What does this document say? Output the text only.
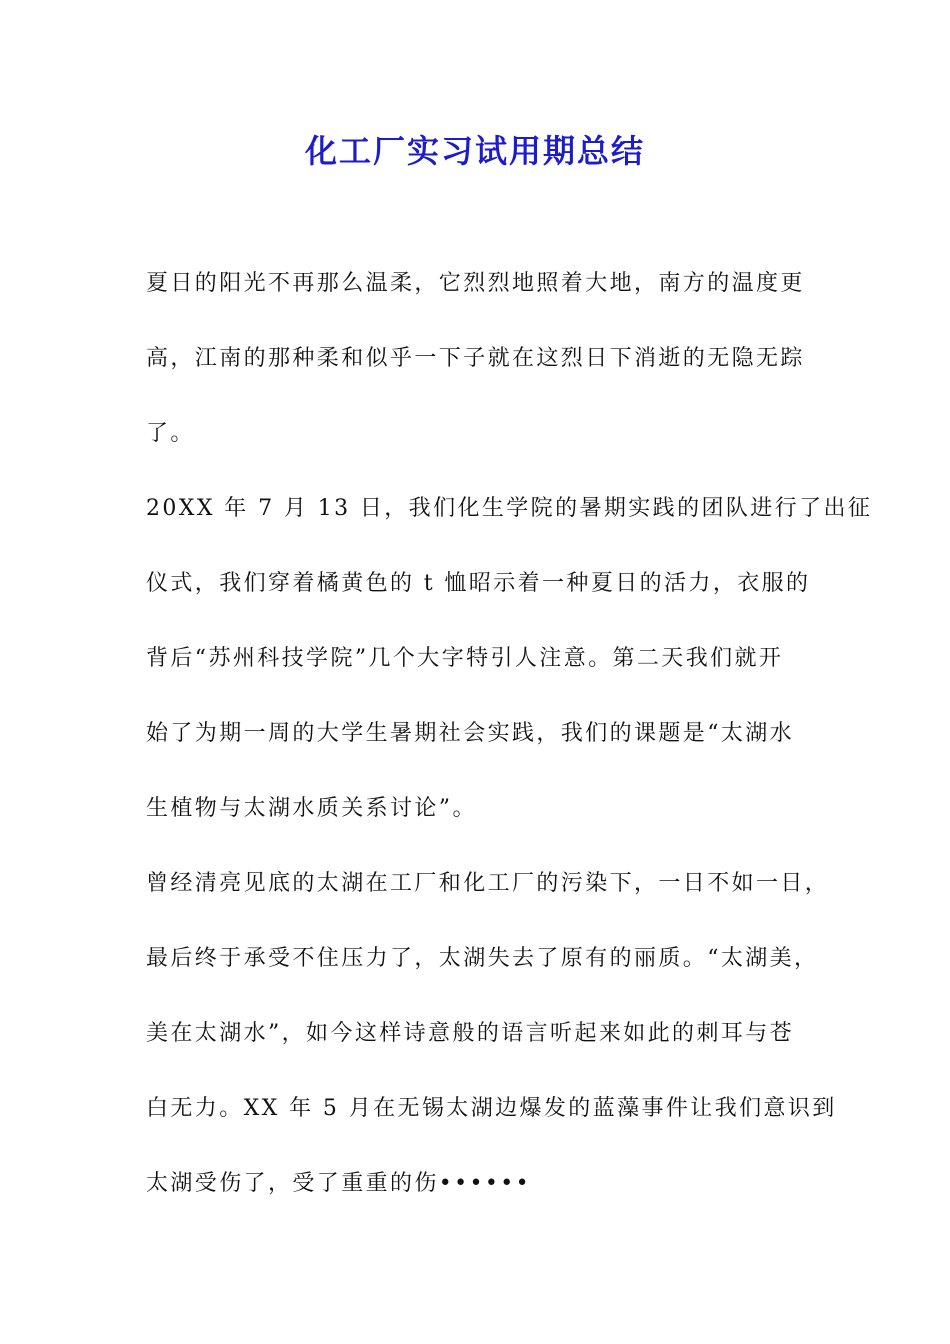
化工厂实习试用期总结
夏日的阳光不再那么温柔，它烈烈地照着大地，南方的温度更
高，江南的那种柔和似乎一下子就在这烈日下消逝的无隐无踪
了。
20XX 年 7 月 13 日，我们化生学院的暑期实践的团队进行了出征
仪式，我们穿着橘黄色的 t 恤昭示着一种夏日的活力，衣服的
背后“苏州科技学院”几个大字特引人注意。第二天我们就开
始了为期一周的大学生暑期社会实践，我们的课题是“太湖水
生植物与太湖水质关系讨论”。
曾经清亮见底的太湖在工厂和化工厂的污染下，一日不如一日，
最后终于承受不住压力了，太湖失去了原有的丽质。“太湖美，
美在太湖水”，如今这样诗意般的语言听起来如此的刺耳与苍
白无力。XX 年 5 月在无锡太湖边爆发的蓝藻事件让我们意识到
太湖受伤了，受了重重的伤••••••
